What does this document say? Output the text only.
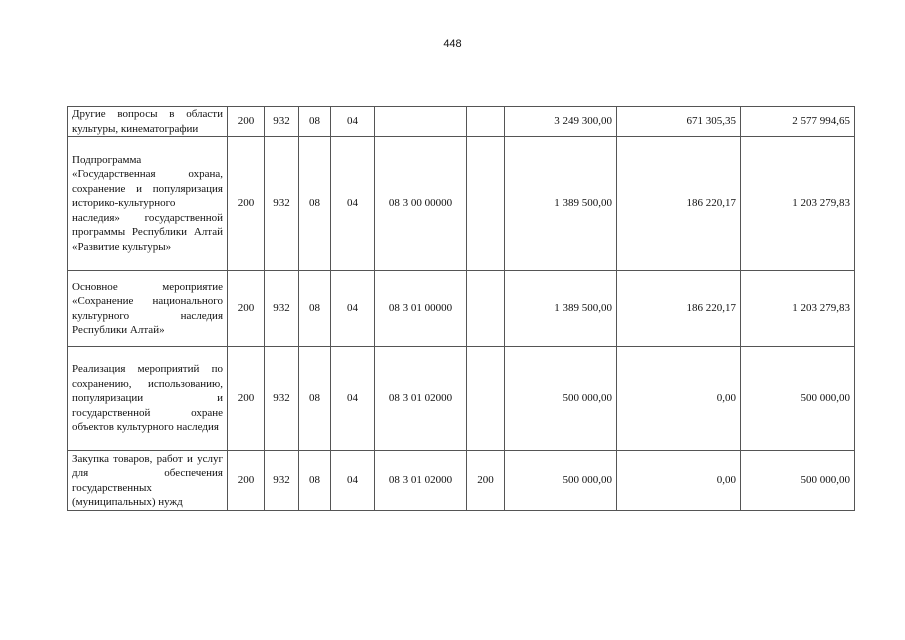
448
Другие вопросы в области культуры, кинематографии	200	932	08	04			3 249 300,00	671 305,35	2 577 994,65
Подпрограмма «Государственная охрана, сохранение и популяризация историко-культурного наследия» государственной программы Республики Алтай «Развитие культуры»	200	932	08	04	08 3 00 00000		1 389 500,00	186 220,17	1 203 279,83
Основное мероприятие «Сохранение национального культурного наследия Республики Алтай»	200	932	08	04	08 3 01 00000		1 389 500,00	186 220,17	1 203 279,83
Реализация мероприятий по сохранению, использованию, популяризации и государственной охране объектов культурного наследия	200	932	08	04	08 3 01 02000		500 000,00	0,00	500 000,00
Закупка товаров, работ и услуг для обеспечения государственных (муниципальных) нужд	200	932	08	04	08 3 01 02000	200	500 000,00	0,00	500 000,00
